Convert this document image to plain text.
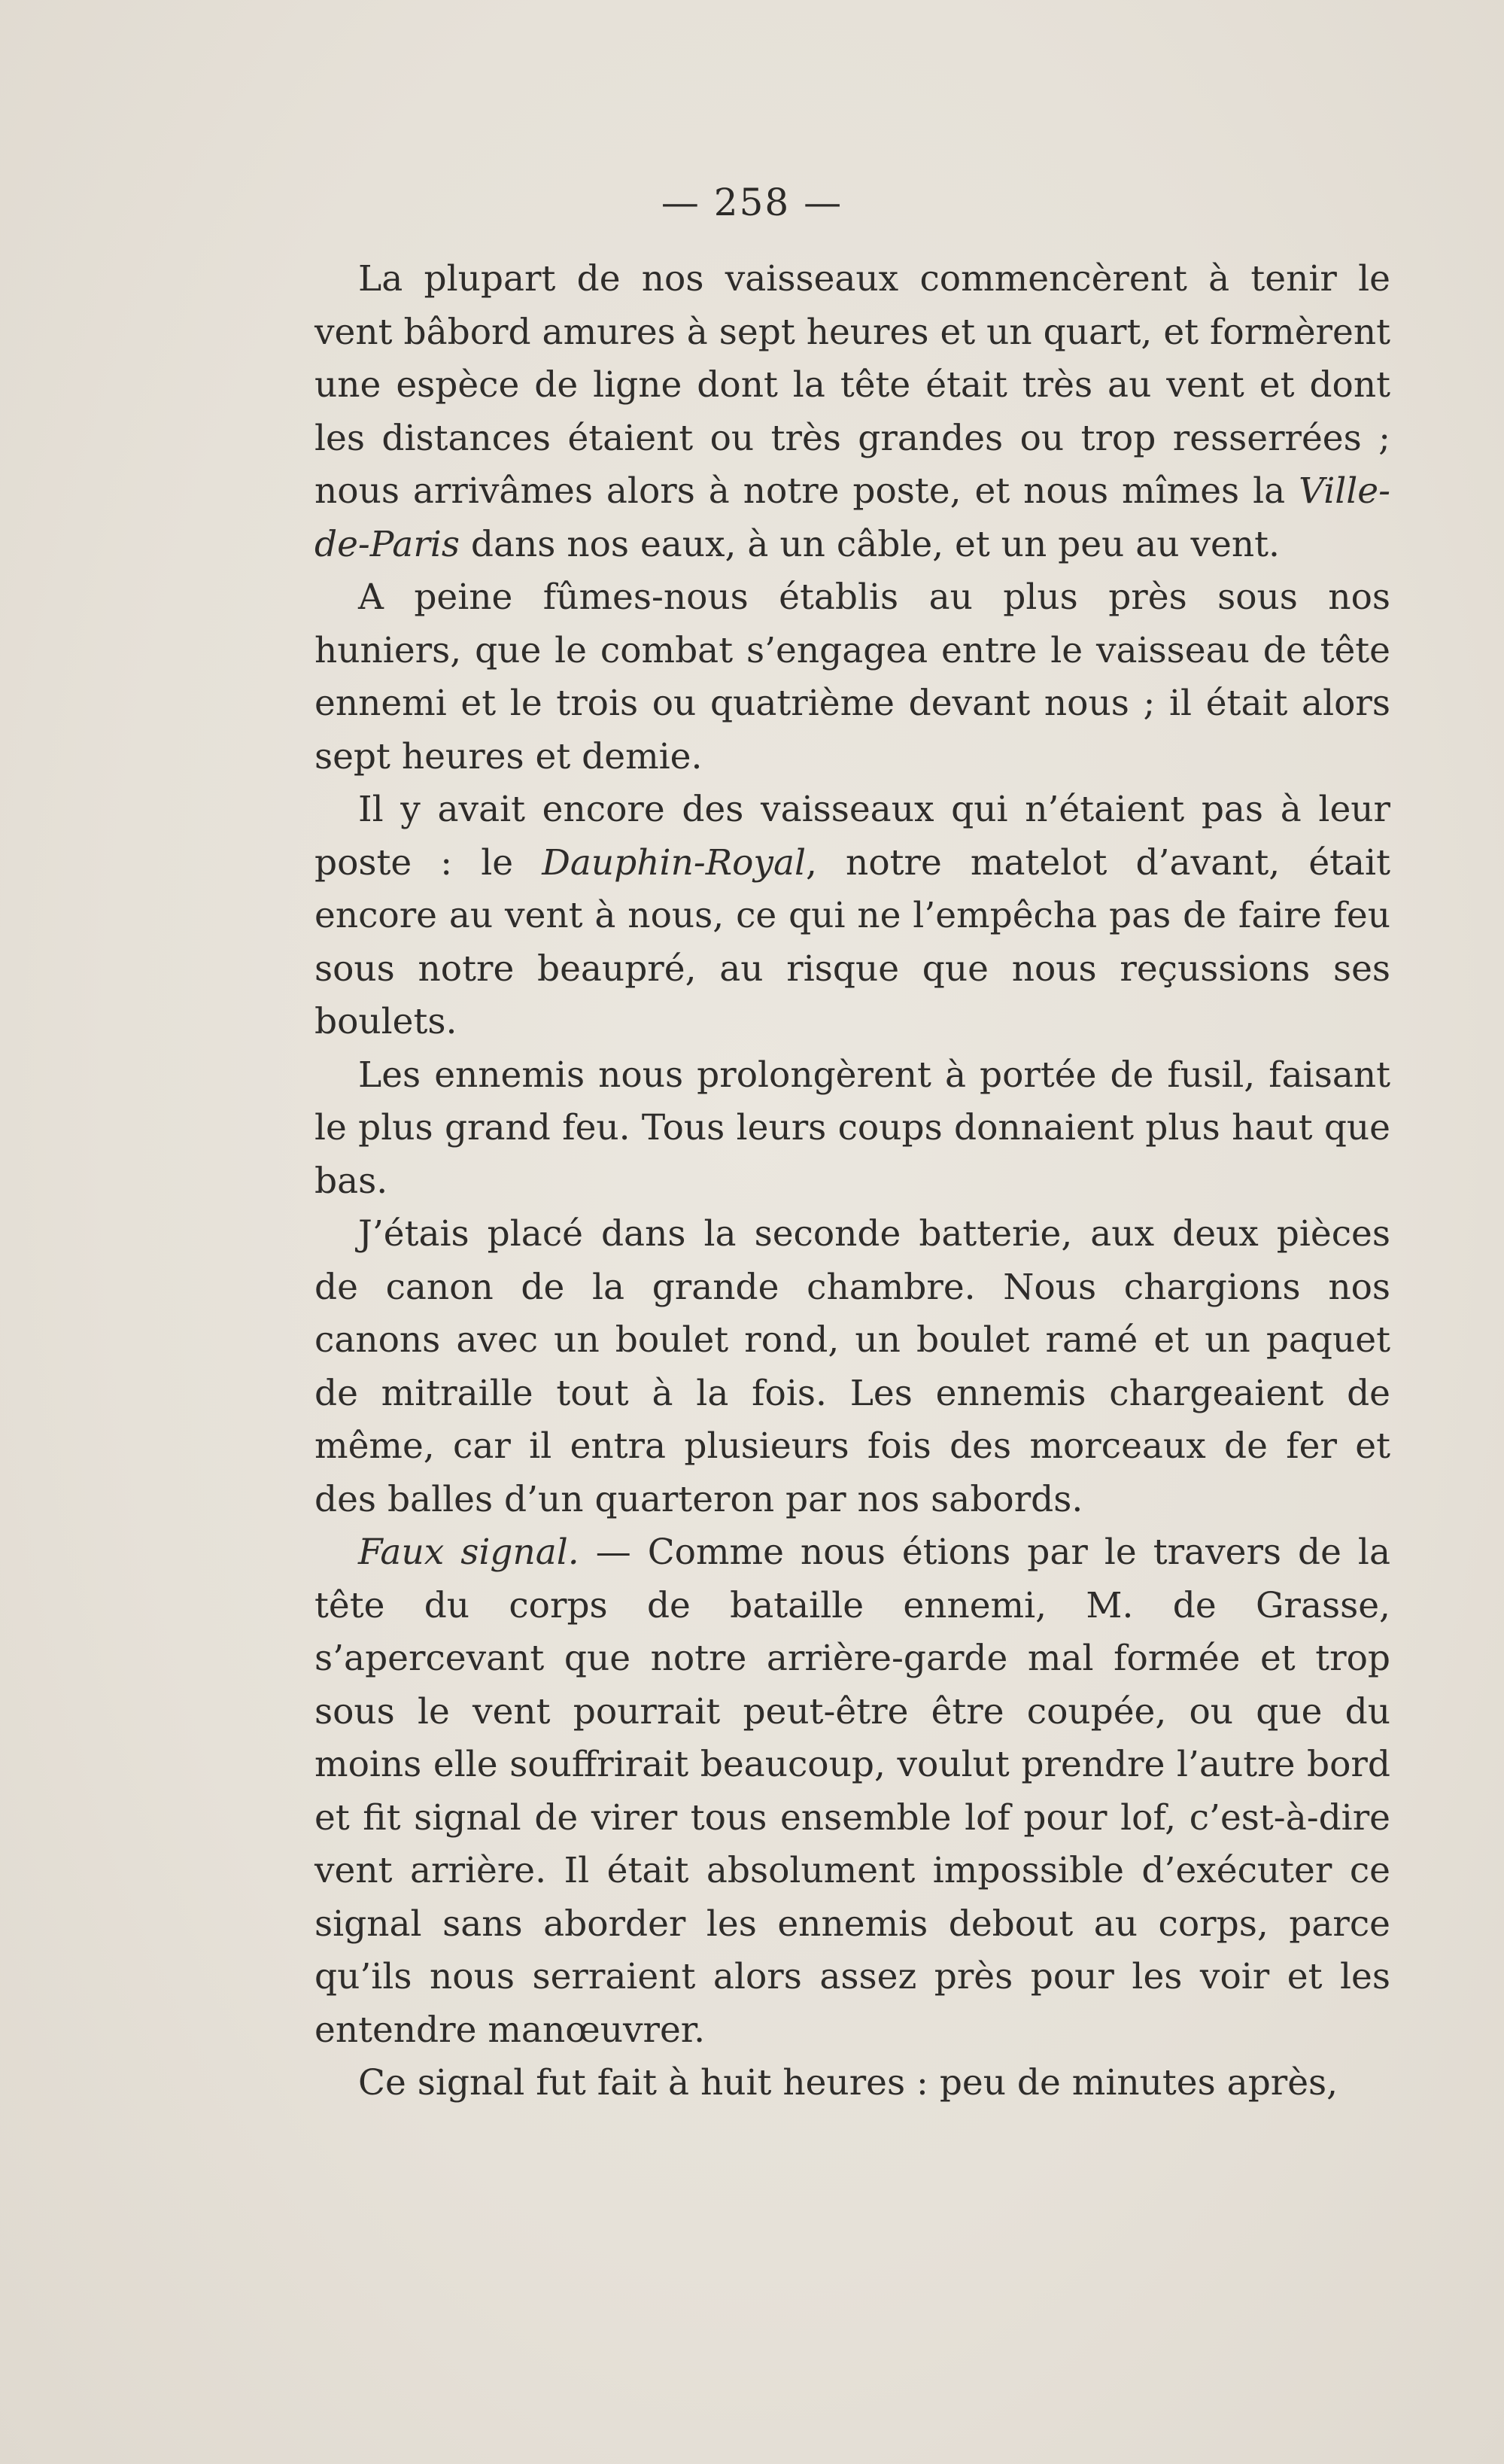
— 258 —

La plupart de nos vaisseaux commencèrent à tenir le vent bâbord amures à sept heures et un quart, et formèrent une espèce de ligne dont la tête était très au vent et dont les distances étaient ou très grandes ou trop resserrées ; nous arrivâmes alors à notre poste, et nous mîmes la Ville-de-Paris dans nos eaux, à un câble, et un peu au vent.

A peine fûmes-nous établis au plus près sous nos huniers, que le combat s’engagea entre le vaisseau de tête ennemi et le trois ou quatrième devant nous ; il était alors sept heures et demie.

Il y avait encore des vaisseaux qui n’étaient pas à leur poste : le Dauphin-Royal, notre matelot d’avant, était encore au vent à nous, ce qui ne l’empêcha pas de faire feu sous notre beaupré, au risque que nous reçussions ses boulets.

Les ennemis nous prolongèrent à portée de fusil, faisant le plus grand feu. Tous leurs coups donnaient plus haut que bas.

J’étais placé dans la seconde batterie, aux deux pièces de canon de la grande chambre. Nous chargions nos canons avec un boulet rond, un boulet ramé et un paquet de mitraille tout à la fois. Les ennemis chargeaient de même, car il entra plusieurs fois des morceaux de fer et des balles d’un quarteron par nos sabords.

Faux signal. — Comme nous étions par le travers de la tête du corps de bataille ennemi, M. de Grasse, s’apercevant que notre arrière-garde mal formée et trop sous le vent pourrait peut-être être coupée, ou que du moins elle souffrirait beaucoup, voulut prendre l’autre bord et fit signal de virer tous ensemble lof pour lof, c’est-à-dire vent arrière. Il était absolument impossible d’exécuter ce signal sans aborder les ennemis debout au corps, parce qu’ils nous serraient alors assez près pour les voir et les entendre manœuvrer.

Ce signal fut fait à huit heures : peu de minutes après,
